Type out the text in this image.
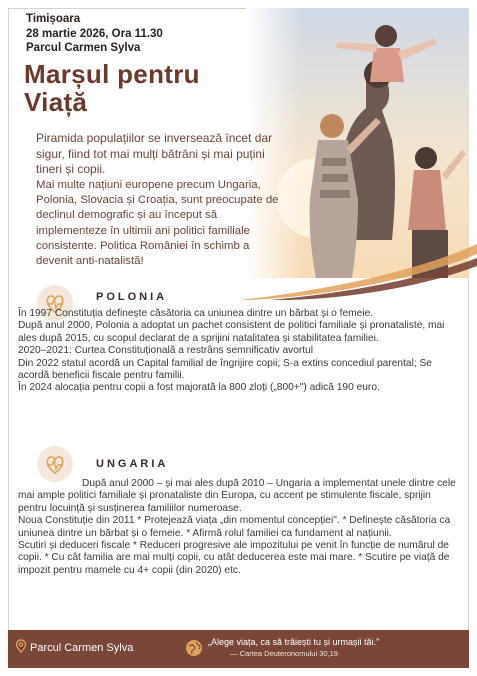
Timișoara
28 martie 2026, Ora 11.30
Parcul Carmen Sylva
Marșul pentru
Viață

Piramida populațiilor se inversează încet dar sigur, fiind tot mai mulți bătrâni și mai puțini tineri și copii.

Mai multe națiuni europene precum Ungaria, Polonia, Slovacia și Croația, sunt preocupate de declinul demografic și au început să implementeze în ultimii ani politici familiale consistente. Politica României în schimb a devenit anti-natalistă!

POLONIA

În 1997 Constituția definește căsătoria ca uniunea dintre un bărbat și o femeie.

După anul 2000, Polonia a adoptat un pachet consistent de politici familiale și pronataliste, mai ales după 2015, cu scopul declarat de a sprijini natalitatea și stabilitatea familiei.

2020–2021: Curtea Constituțională a restrâns semnificativ avortul

Din 2022 statul acordă un Capital familial de îngrijire copii; S-a extins concediul parental; Se acordă beneficii fiscale pentru familii.

În 2024 alocația pentru copii a fost majorată la 800 zloți („800+") adică 190 euro.

UNGARIA

După anul 2000 – și mai ales după 2010 – Ungaria a implementat unele dintre cele mai ample politici familiale și pronataliste din Europa, cu accent pe stimulente fiscale, sprijin pentru locuință și susținerea familiilor numeroase.

Noua Constituție din 2011 * Protejează viața „din momentul concepției". * Definește căsătoria ca uniunea dintre un bărbat și o femeie. * Afirmă rolul familiei ca fundament al națiunii.

Scutiri și deduceri fiscale * Reduceri progresive ale impozitului pe venit în funcție de numărul de copii. * Cu cât familia are mai mulți copii, cu atât deducerea este mai mare. * Scutire pe viață de impozit pentru mamele cu 4+ copii (din 2020) etc.

Parcul Carmen Sylva	„Alege viața, ca să trăiești tu și urmașii tăi."
— Cartea Deuteronomului 30,19
